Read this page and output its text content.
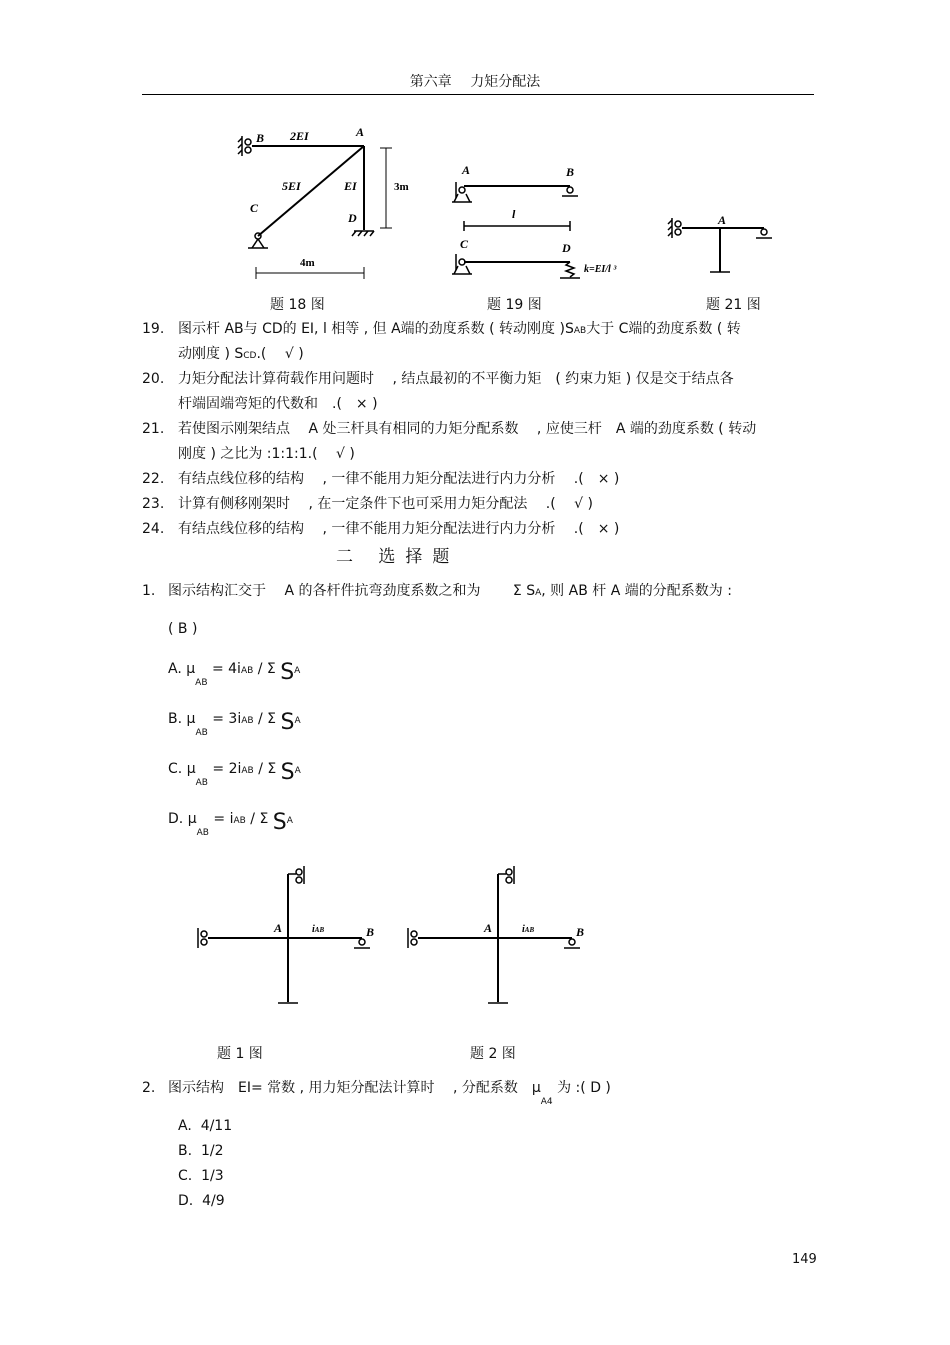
第六章　 力矩分配法
B 2EI	A
5EI	EI
C
D
3m
4m
题 18 图
A	B
l
C	D
k=EI/l ³
题 19 图
A
题 21 图
19. 图示杆 AB与 CD的 EI, l 相等 , 但 A端的劲度系数 ( 转动刚度 )SAB大于 C端的劲度系数 ( 转
动刚度 ) SCD.(　 √ )
20. 力矩分配法计算荷载作用问题时　 , 结点最初的不平衡力矩　( 约束力矩 ) 仅是交于结点各
杆端固端弯矩的代数和　.(　× )
21. 若使图示刚架结点　 A 处三杆具有相同的力矩分配系数　 , 应使三杆　A 端的劲度系数 ( 转动
刚度 ) 之比为 :1:1:1.(　 √ )
22. 有结点线位移的结构　 , 一律不能用力矩分配法进行内力分析　 .(　× )
23. 计算有侧移刚架时　 , 在一定条件下也可采用力矩分配法　 .(　 √ )
24. 有结点线位移的结构　 , 一律不能用力矩分配法进行内力分析　 .(　× )
二 选择题
1. 图示结构汇交于　 A 的各杆件抗弯劲度系数之和为　　 Σ SA, 则 AB 杆 A 端的分配系数为 :
( B )
A. $\mu_{AB} = 4iAB / \Sigma$ SA
B. $\mu_{AB} = 3iAB / \Sigma$ SA
C. $\mu_{AB} = 2iAB / \Sigma$ SA
D. $\mu_{AB}$ = iAB / Σ SA
A	iAB	B
题 1 图
A	iAB	B
题 2 图
2. 图示结构　EI= 常数 , 用力矩分配法计算时　 , 分配系数　$\mu_{A4}$ 为 :( D )
A. 4/11
B. 1/2
C. 1/3
D. 4/9
149
